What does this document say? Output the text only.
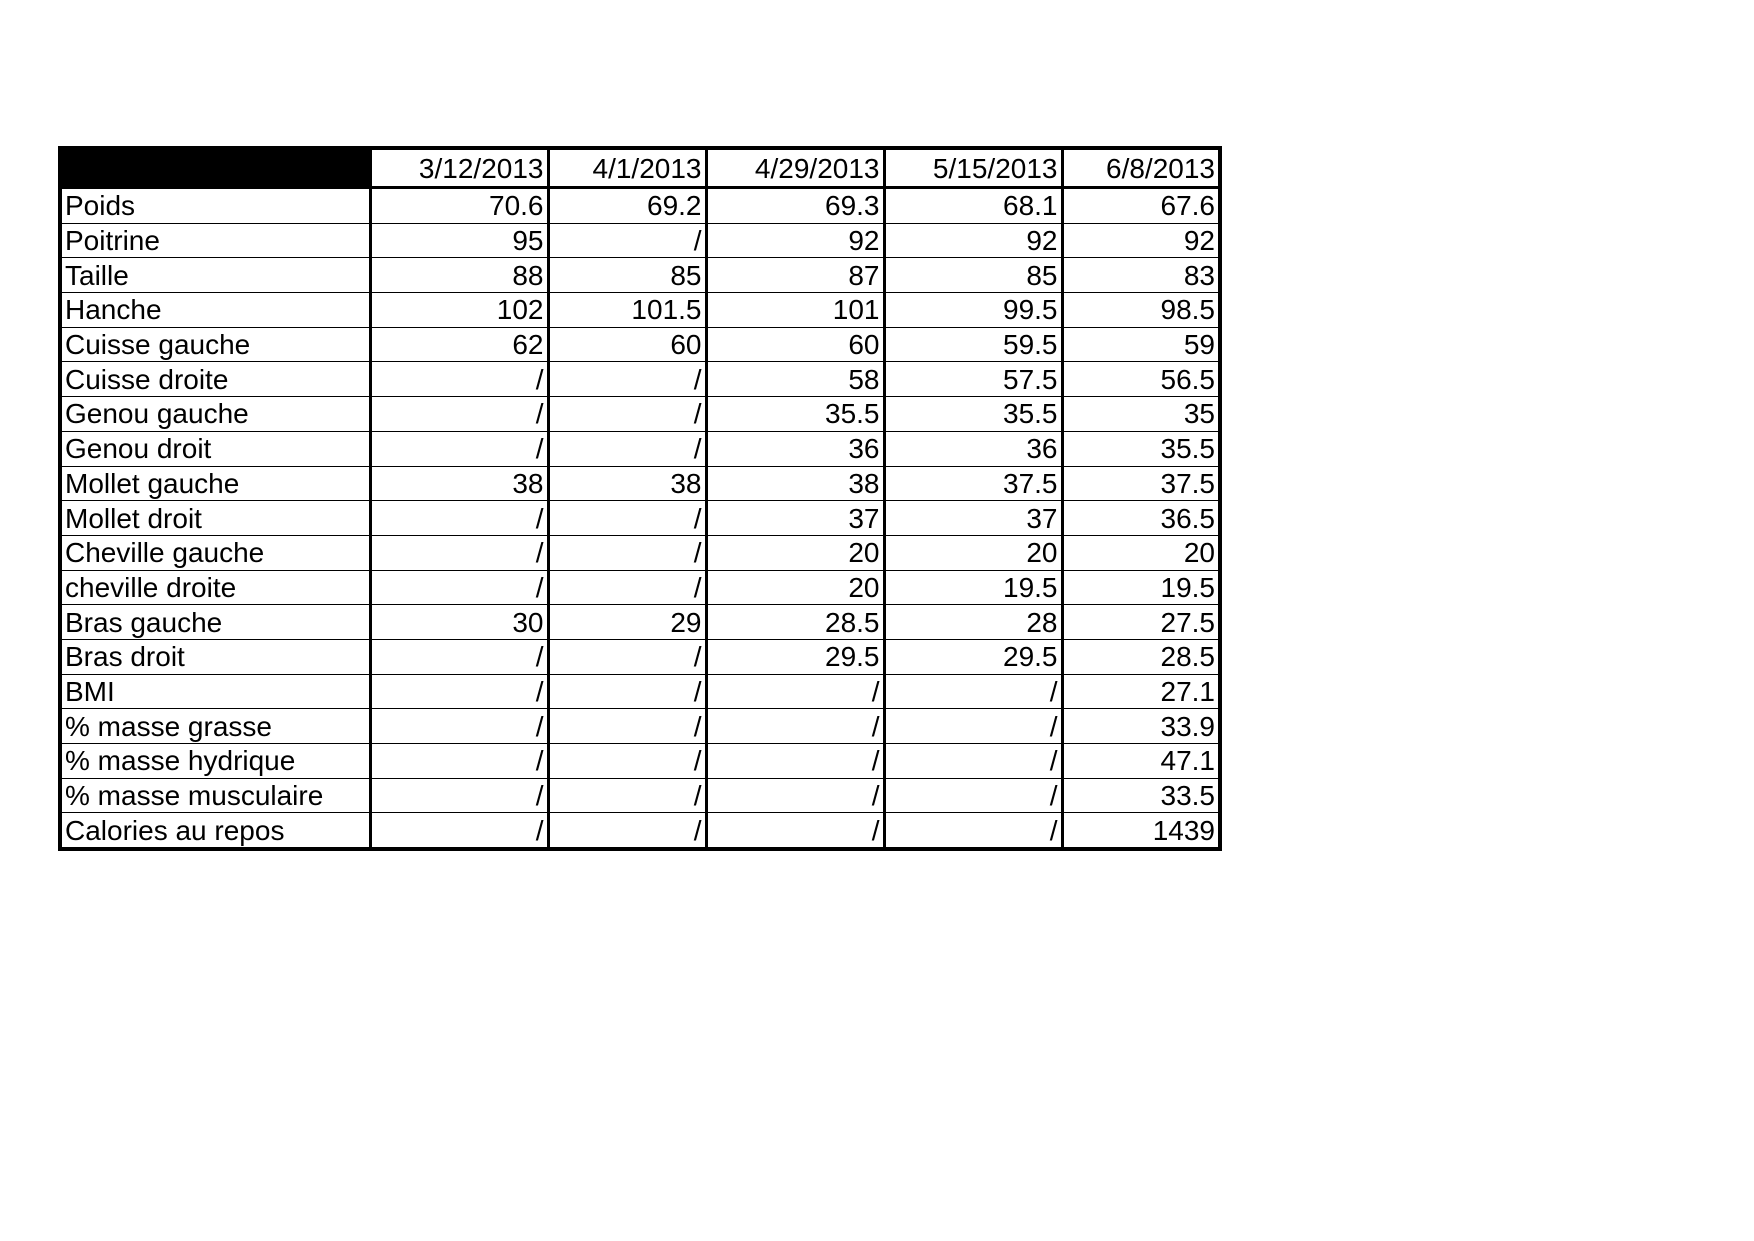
	3/12/2013	4/1/2013	4/29/2013	5/15/2013	6/8/2013
Poids	70.6	69.2	69.3	68.1	67.6
Poitrine	95	/	92	92	92
Taille	88	85	87	85	83
Hanche	102	101.5	101	99.5	98.5
Cuisse gauche	62	60	60	59.5	59
Cuisse droite	/	/	58	57.5	56.5
Genou gauche	/	/	35.5	35.5	35
Genou droit	/	/	36	36	35.5
Mollet gauche	38	38	38	37.5	37.5
Mollet droit	/	/	37	37	36.5
Cheville gauche	/	/	20	20	20
cheville droite	/	/	20	19.5	19.5
Bras gauche	30	29	28.5	28	27.5
Bras droit	/	/	29.5	29.5	28.5
BMI	/	/	/	/	27.1
% masse grasse	/	/	/	/	33.9
% masse hydrique	/	/	/	/	47.1
% masse musculaire	/	/	/	/	33.5
Calories au repos	/	/	/	/	1439
